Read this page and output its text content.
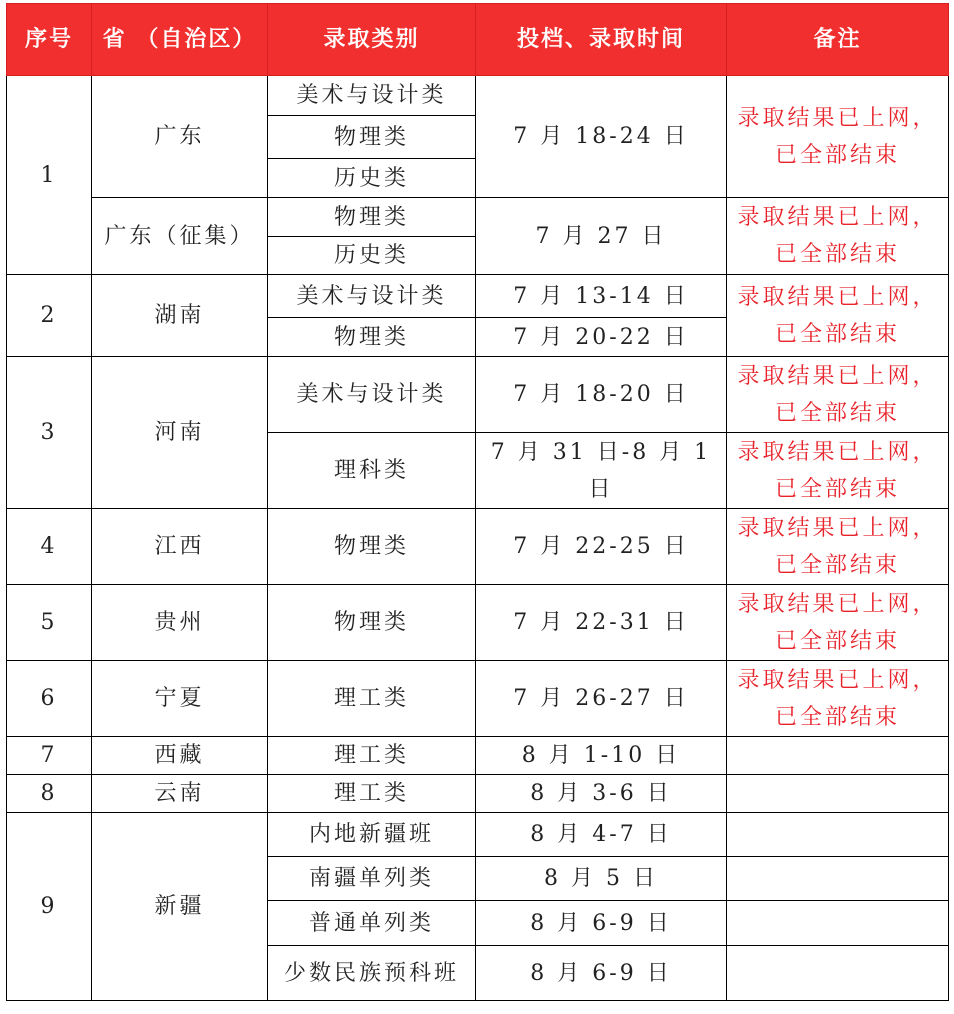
序号	省 （自治区）	录取类别	投档、录取时间	备注
1	广东	美术与设计类	7 月 18-24 日	录取结果已上网，
已全部结束
		物理类		
		历史类		
	广东（征集）	物理类	7 月 27 日	录取结果已上网，
已全部结束
		历史类		
2	湖南	美术与设计类	7 月 13-14 日	录取结果已上网，
已全部结束
		物理类	7 月 20-22 日	
3	河南	美术与设计类	7 月 18-20 日	录取结果已上网，
已全部结束
		理科类	7 月 31 日-8 月 1 日	录取结果已上网，
已全部结束
4	江西	物理类	7 月 22-25 日	录取结果已上网，
已全部结束
5	贵州	物理类	7 月 22-31 日	录取结果已上网，
已全部结束
6	宁夏	理工类	7 月 26-27 日	录取结果已上网，
已全部结束
7	西藏	理工类	8 月 1-10 日	
8	云南	理工类	8 月 3-6 日	
9	新疆	内地新疆班	8 月 4-7 日	
		南疆单列类	8 月 5 日	
		普通单列类	8 月 6-9 日	
		少数民族预科班	8 月 6-9 日	
